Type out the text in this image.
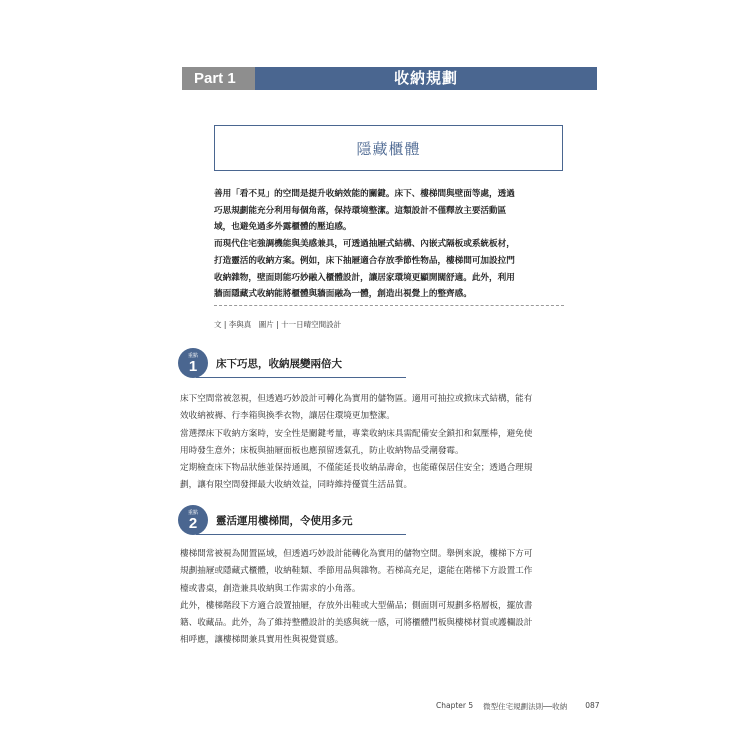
Part 1	收納規劃
隱藏櫃體

善用「看不見」的空間是提升收納效能的關鍵。床下、樓梯間與壁面等處，透過

巧思規劃能充分利用每個角落，保持環境整潔。這類設計不僅釋放主要活動區

域，也避免過多外露櫃體的壓迫感。

而現代住宅強調機能與美感兼具，可透過抽屜式結構、內嵌式隔板或系統板材，

打造靈活的收納方案。例如，床下抽屜適合存放季節性物品，樓梯間可加設拉門

收納雜物，壁面則能巧妙融入櫃體設計，讓居家環境更顯開闊舒適。此外，利用

牆面隱藏式收納能將櫃體與牆面融為一體，創造出視覺上的整齊感。

文 | 李與真　圖片 | 十一日晴空間設計
重點
1 床下巧思，收納展變兩倍大

床下空間常被忽視，但透過巧妙設計可轉化為實用的儲物區。適用可抽拉或掀床式結構，能有

效收納被褥、行李箱與換季衣物，讓居住環境更加整潔。

當選擇床下收納方案時，安全性是關鍵考量，專業收納床具需配備安全鎖扣和氣壓棒，避免使

用時發生意外；床板與抽屜面板也應預留透氣孔，防止收納物品受潮發霉。

定期檢查床下物品狀態並保持通風，不僅能延長收納品壽命，也能確保居住安全；透過合理規

劃，讓有限空間發揮最大收納效益，同時維持優質生活品質。

重點
2 靈活運用樓梯間，令使用多元

樓梯間常被視為閒置區域，但透過巧妙設計能轉化為實用的儲物空間。舉例來說，樓梯下方可

規劃抽屜或隱藏式櫃體，收納鞋類、季節用品與雜物。若梯高充足，還能在階梯下方設置工作

檯或書桌，創造兼具收納與工作需求的小角落。

此外，樓梯階段下方適合設置抽屜，存放外出鞋或大型備品；側面則可規劃多格層板，擺放書

籍、收藏品。此外，為了維持整體設計的美感與統一感，可將櫃體門板與樓梯材質或護欄設計

相呼應，讓樓梯間兼具實用性與視覺質感。

Chapter 5 微型住宅規劃法則──收納 087
